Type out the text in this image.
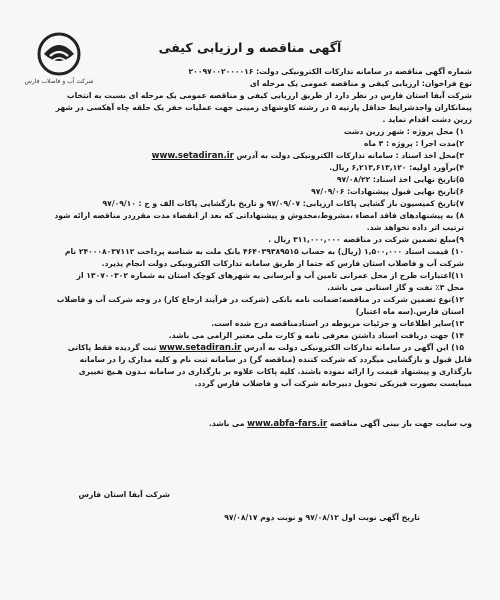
شرکت آب و فاضلاب فارس
آگهی مناقصه و ارزیابی کیفی

شماره آگهی مناقصه در سامانه تدارکات الکترونیکی دولت: ۲۰۰۹۷۰۰۲۰۰۰۰۱۶

نوع فراخوان: ارزیابی کیفی و مناقصه عمومی یک مرحله ای

شرکت آبفا استان فارس در نظر دارد از طریق ارزیابی کیفی و مناقصه عمومی یک مرحله ای نسبت به انتخاب

پیمانکاران واجدشرایط حداقل پارتیه ۵ در رشته کاوشهای زمینی جهت عملیات حفر یک حلقه چاه آهکسی در شهر

زرین دشت اقدام نماید .

۱) محل پروژه : شهر زرین دشت

۲)مدت اجرا : پروژه : ۳ ماه

۳)محل اخذ اسناد : سامانه تدارکات الکترونیکی دولت به آدرس www.setadiran.ir

۴)برآورد اولیه: ۶,۲۱۳,۶۱۳,۱۲۰ ریال.

۵)تاریخ نهایی اخذ اسناد: ۹۷/۰۸/۲۲

۶)تاریخ نهایی قبول پیشنهادات: ۹۷/۰۹/۰۶

۷)تاریخ کمیسیون باز گشایی پاکات ارزیابی: ۹۷/۰۹/۰۷ و تاریخ بازگشایی پاکات الف و ج : ۹۷/۰۹/۱۰

۸) به پیشنهادهای فاقد امضاء ،مشروط،مخدوش و پیشنهاداتی که بعد از انقضاء مدت مقرردر مناقصه ارائه شود

ترتیب اثر داده نخواهد شد.

۹)مبلغ تضمین شرکت در مناقصه ۳۱۱,۰۰۰,۰۰۰ ریال .

۱۰) قیمت اسناد ۱,۵۰۰,۰۰۰ (ریال) به حساب ۴۶۴۰۳۹۳۸۹۵۱۵ بانک ملت به شناسه پرداخت ۲۴۰۰۰۸۰۳۷۱۱۲ نام

شرکت آب و فاضلاب استان فارس که حتما از طریق سامانه تدارکات الکترونیکی دولت انجام پذیرد.

۱۱)اعتبارات طرح از محل عمرانی تامین آب و آبرسانی به شهرهای کوچک استان به شماره ۱۳۰۷۰۰۳۰۲ از

محل ۳٪ نفت و گاز استانی می باشد.

۱۲)نوع تضمین شرکت در مناقصه:ضمانت نامه بانکی (شرکت در فرآیند ارجاع کار) در وجه شرکت آب و فاضلاب

استان فارس.(سه ماه اعتبار)

۱۳)سایر اطلاعات و جزئیات مربوطه در اسنادمناقصه درج شده است.

۱۴) جهت دریافت اسناد داشتن معرفی نامه و کارت ملی معتبر الزامی می باشد.

۱۵) این آگهی در سامانه تدارکات الکترونیکی دولت به آدرس www.setadiran.ir ثبت گردیده فقط پاکاتی

قابل قبول و بازگشایی میگردد که شرکت کننده (مناقصه گر) در سامانه ثبت نام و کلیه مدارک را در سامانه

بارگذاری و پیشنهاد قیمت را ارائه نموده باشند. کلیه پاکات علاوه بر بارگذاری در سامانه بـدون هـیچ تغییری

میبایست بصورت فیزیکی تحویل دبیرخانه شرکت آب و فاضلاب فارس گردد.

وب سایت جهت باز بینی آگهی مناقصه www.abfa-fars.ir می باشد.

شرکت آبفا استان فارس
تاریخ آگهی نوبت اول ۹۷/۰۸/۱۲ و نوبت دوم ۹۷/۰۸/۱۷
